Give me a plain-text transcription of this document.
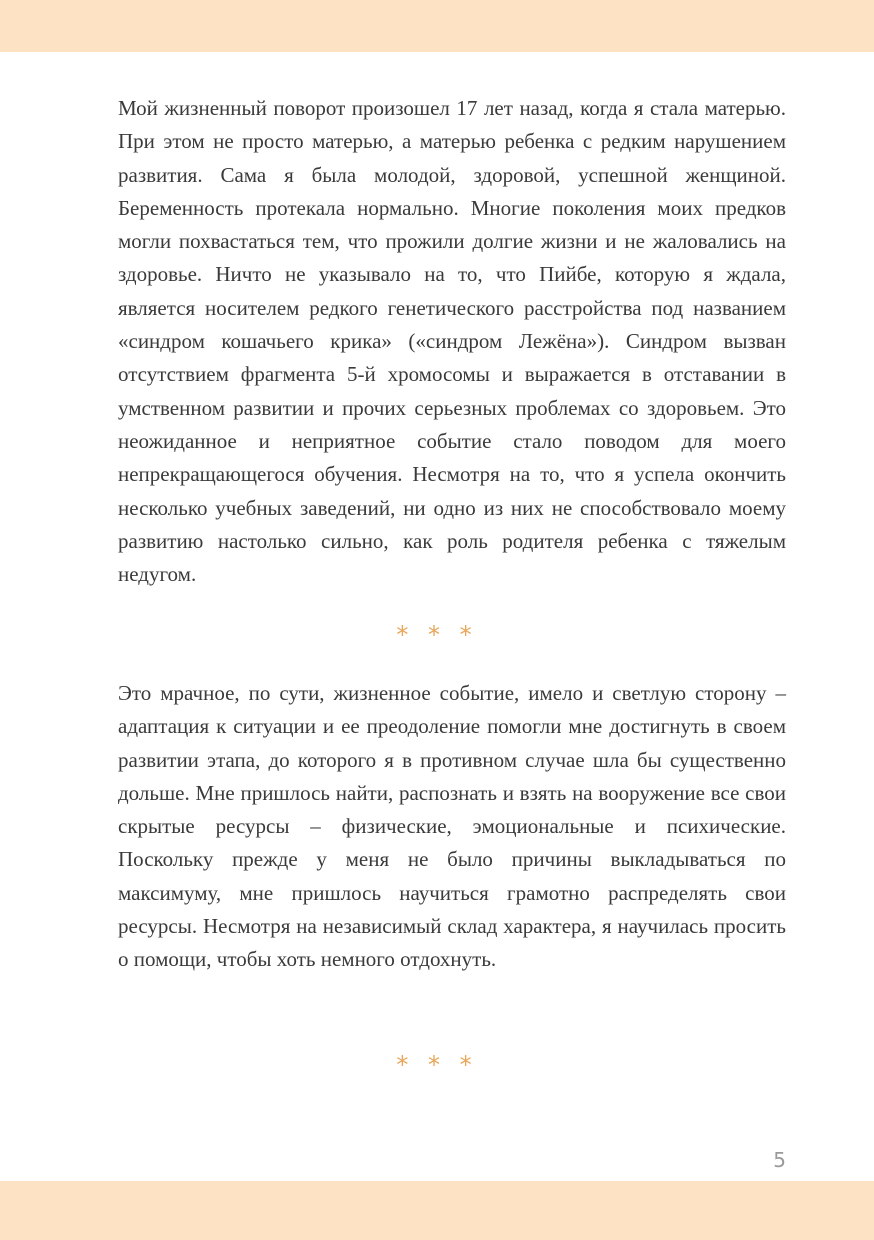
Мой жизненный поворот произошел 17 лет назад, когда я стала матерью. При этом не просто матерью, а матерью ребенка с редким нарушением развития. Сама я была молодой, здоровой, успешной женщиной. Беременность протекала нормально. Многие поколения моих предков могли похвастаться тем, что прожили долгие жизни и не жаловались на здоровье. Ничто не указывало на то, что Пийбе, которую я ждала, является носителем редкого генетического расстройства под названием «синдром кошачьего крика» («синдром Лежёна»). Синдром вызван отсутствием фрагмента 5-й хромосомы и выражается в отставании в умственном развитии и прочих серьезных проблемах со здоровьем. Это неожиданное и неприятное событие стало поводом для моего непрекращающегося обучения. Несмотря на то, что я успела окончить несколько учебных заведений, ни одно из них не способствовало моему развитию настолько сильно, как роль родителя ребенка с тяжелым недугом.

* * *

Это мрачное, по сути, жизненное событие, имело и светлую сторону – адаптация к ситуации и ее преодоление помогли мне достигнуть в своем развитии этапа, до которого я в противном случае шла бы существенно дольше. Мне пришлось найти, распознать и взять на вооружение все свои скрытые ресурсы – физические, эмоциональные и психические. Поскольку прежде у меня не было причины выкладываться по максимуму, мне пришлось научиться грамотно распределять свои ресурсы. Несмотря на независимый склад характера, я научилась просить о помощи, чтобы хоть немного отдохнуть.

* * *
5
